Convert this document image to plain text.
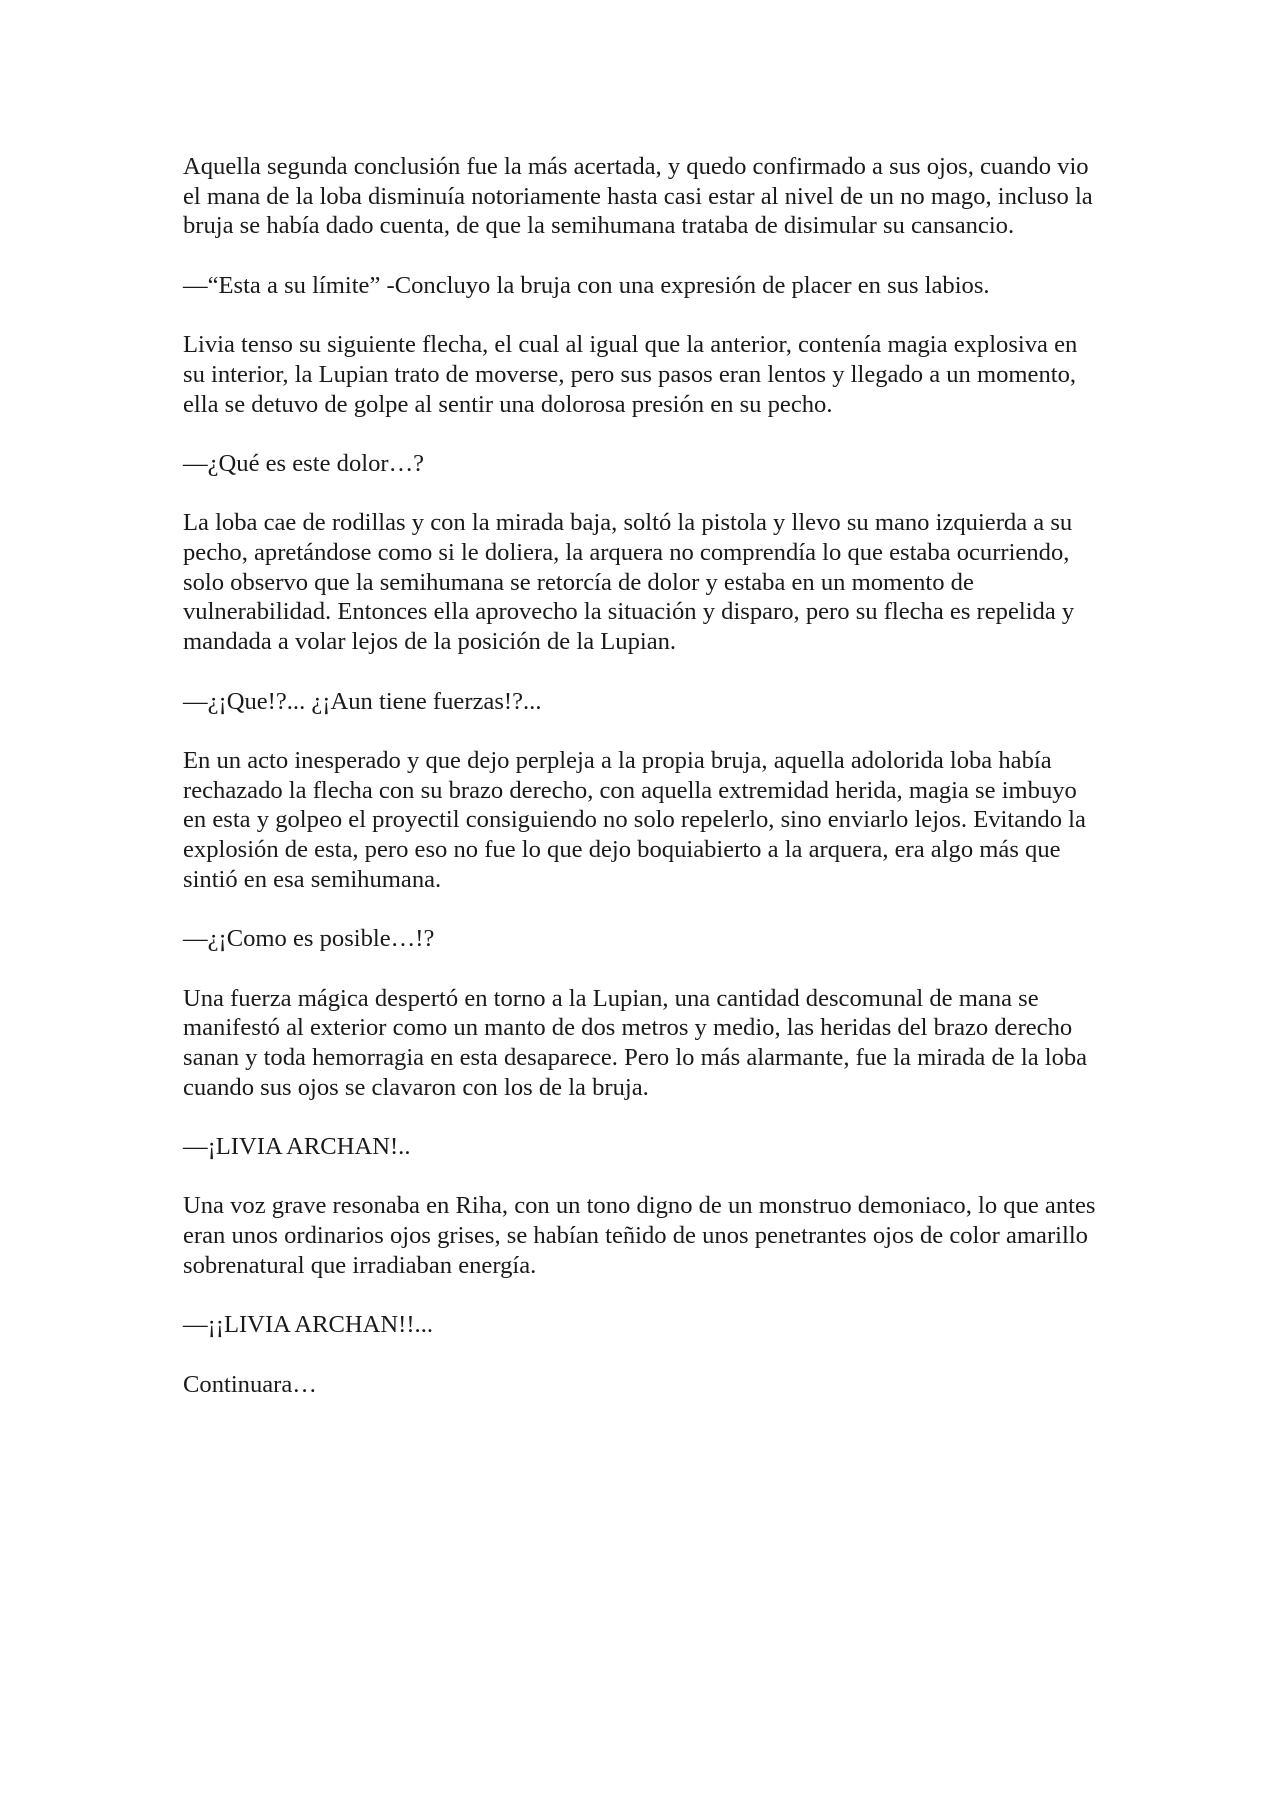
Aquella segunda conclusión fue la más acertada, y quedo confirmado a sus ojos, cuando vio el mana de la loba disminuía notoriamente hasta casi estar al nivel de un no mago, incluso la bruja se había dado cuenta, de que la semihumana trataba de disimular su cansancio.

—“Esta a su límite” -Concluyo la bruja con una expresión de placer en sus labios.

Livia tenso su siguiente flecha, el cual al igual que la anterior, contenía magia explosiva en su interior, la Lupian trato de moverse, pero sus pasos eran lentos y llegado a un momento, ella se detuvo de golpe al sentir una dolorosa presión en su pecho.

—¿Qué es este dolor…?

La loba cae de rodillas y con la mirada baja, soltó la pistola y llevo su mano izquierda a su pecho, apretándose como si le doliera, la arquera no comprendía lo que estaba ocurriendo, solo observo que la semihumana se retorcía de dolor y estaba en un momento de vulnerabilidad. Entonces ella aprovecho la situación y disparo, pero su flecha es repelida y mandada a volar lejos de la posición de la Lupian.

—¿¡Que!?... ¿¡Aun tiene fuerzas!?...

En un acto inesperado y que dejo perpleja a la propia bruja, aquella adolorida loba había rechazado la flecha con su brazo derecho, con aquella extremidad herida, magia se imbuyo en esta y golpeo el proyectil consiguiendo no solo repelerlo, sino enviarlo lejos. Evitando la explosión de esta, pero eso no fue lo que dejo boquiabierto a la arquera, era algo más que sintió en esa semihumana.

—¿¡Como es posible…!?

Una fuerza mágica despertó en torno a la Lupian, una cantidad descomunal de mana se manifestó al exterior como un manto de dos metros y medio, las heridas del brazo derecho sanan y toda hemorragia en esta desaparece. Pero lo más alarmante, fue la mirada de la loba cuando sus ojos se clavaron con los de la bruja.

—¡LIVIA ARCHAN!..

Una voz grave resonaba en Riha, con un tono digno de un monstruo demoniaco, lo que antes eran unos ordinarios ojos grises, se habían teñido de unos penetrantes ojos de color amarillo sobrenatural que irradiaban energía.

—¡¡LIVIA ARCHAN!!...

Continuara…
